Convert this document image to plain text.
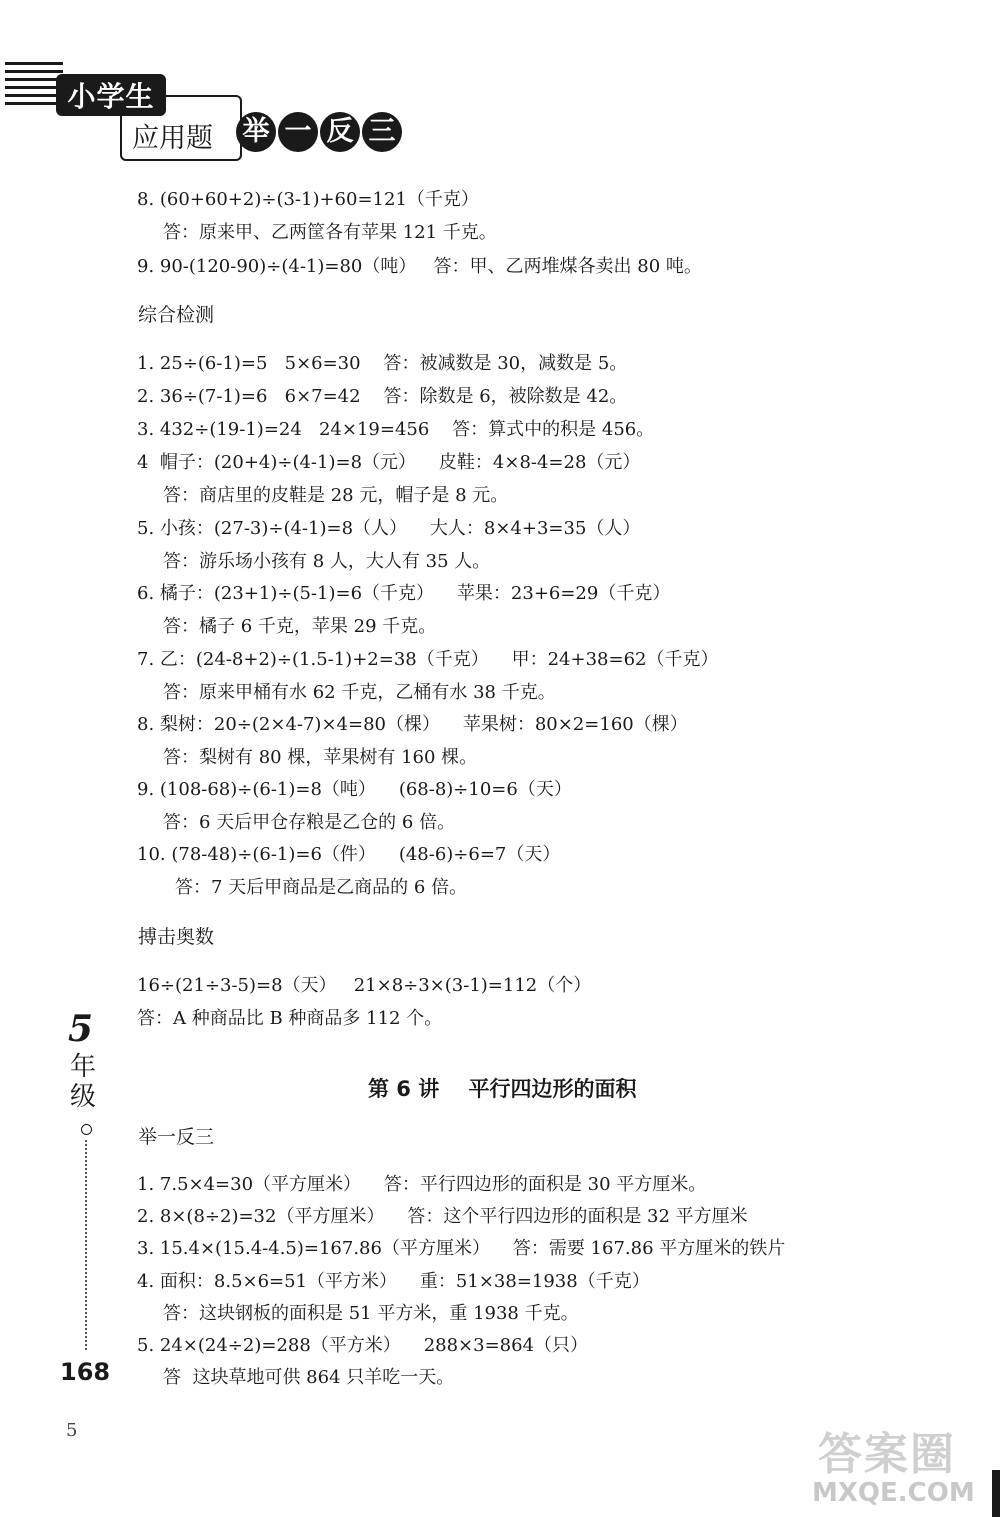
小学生
应用题 举 一 反 三
5
年
级
168
5
8. (60+60+2)÷(3-1)+60=121（千克）
答：原来甲、乙两筐各有苹果 121 千克。
9. 90-(120-90)÷(4-1)=80（吨）   答：甲、乙两堆煤各卖出 80 吨。
综合检测
1. 25÷(6-1)=5   5×6=30    答：被减数是 30，减数是 5。
2. 36÷(7-1)=6   6×7=42    答：除数是 6，被除数是 42。
3. 432÷(19-1)=24   24×19=456    答：算式中的积是 456。
4  帽子：(20+4)÷(4-1)=8（元）    皮鞋：4×8-4=28（元）
答：商店里的皮鞋是 28 元，帽子是 8 元。
5. 小孩：(27-3)÷(4-1)=8（人）    大人：8×4+3=35（人）
答：游乐场小孩有 8 人，大人有 35 人。
6. 橘子：(23+1)÷(5-1)=6（千克）    苹果：23+6=29（千克）
答：橘子 6 千克，苹果 29 千克。
7. 乙：(24-8+2)÷(1.5-1)+2=38（千克）    甲：24+38=62（千克）
答：原来甲桶有水 62 千克，乙桶有水 38 千克。
8. 梨树：20÷(2×4-7)×4=80（棵）    苹果树：80×2=160（棵）
答：梨树有 80 棵，苹果树有 160 棵。
9. (108-68)÷(6-1)=8（吨）    (68-8)÷10=6（天）
答：6 天后甲仓存粮是乙仓的 6 倍。
10. (78-48)÷(6-1)=6（件）    (48-6)÷6=7（天）
答：7 天后甲商品是乙商品的 6 倍。
搏击奥数
16÷(21÷3-5)=8（天）   21×8÷3×(3-1)=112（个）
答：A 种商品比 B 种商品多 112 个。
第 6 讲    平行四边形的面积
举一反三
1. 7.5×4=30（平方厘米）    答：平行四边形的面积是 30 平方厘米。
2. 8×(8÷2)=32（平方厘米）    答：这个平行四边形的面积是 32 平方厘米
3. 15.4×(15.4-4.5)=167.86（平方厘米）    答：需要 167.86 平方厘米的铁片
4. 面积：8.5×6=51（平方米）    重：51×38=1938（千克）
答：这块钢板的面积是 51 平方米，重 1938 千克。
5. 24×(24÷2)=288（平方米）    288×3=864（只）
答  这块草地可供 864 只羊吃一天。
答案圈
MXQE.COM
